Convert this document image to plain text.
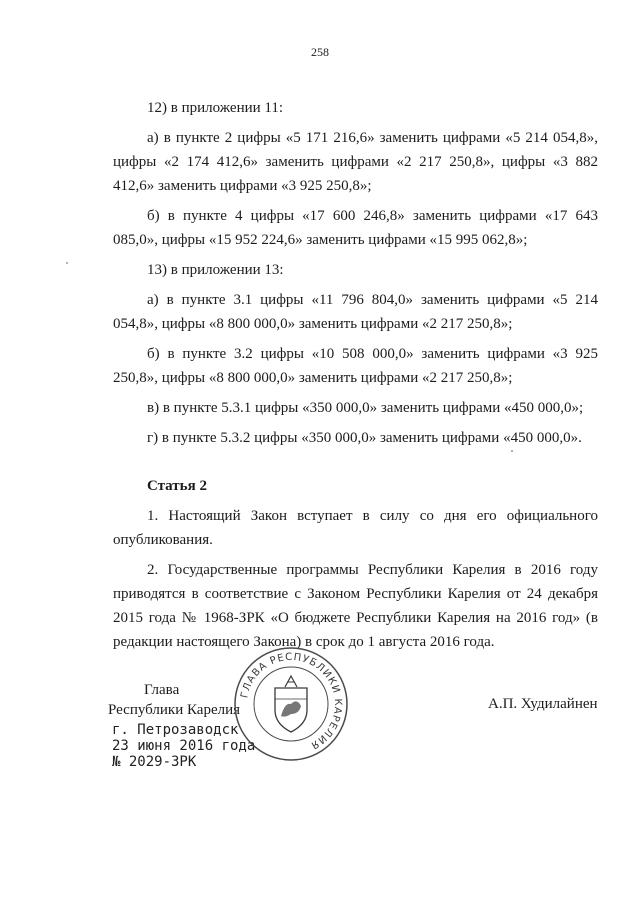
258

12) в приложении 11:

а) в пункте 2 цифры «5 171 216,6» заменить цифрами «5 214 054,8», цифры «2 174 412,6» заменить цифрами «2 217 250,8», цифры «3 882 412,6» заменить цифрами «3 925 250,8»;

б) в пункте 4 цифры «17 600 246,8» заменить цифрами «17 643 085,0», цифры «15 952 224,6» заменить цифрами «15 995 062,8»;

13) в приложении 13:

а) в пункте 3.1 цифры «11 796 804,0» заменить цифрами «5 214 054,8», цифры «8 800 000,0» заменить цифрами «2 217 250,8»;

б) в пункте 3.2 цифры «10 508 000,0» заменить цифрами «3 925 250,8», цифры «8 800 000,0» заменить цифрами «2 217 250,8»;

в) в пункте 5.3.1 цифры «350 000,0» заменить цифрами «450 000,0»;

г) в пункте 5.3.2 цифры «350 000,0» заменить цифрами «450 000,0».

Статья 2

1. Настоящий Закон вступает в силу со дня его официального опубликования.

2. Государственные программы Республики Карелия в 2016 году приводятся в соответствие с Законом Республики Карелия от 24 декабря 2015 года № 1968-ЗРК «О бюджете Республики Карелия на 2016 год» (в редакции настоящего Закона) в срок до 1 августа 2016 года.

Глава
Республики Карелия	А.П. Худилайнен
г. Петрозаводск
23 июня 2016 года
№ 2029-ЗРК
ГЛАВА РЕСПУБЛИКИ КАРЕЛИЯ
